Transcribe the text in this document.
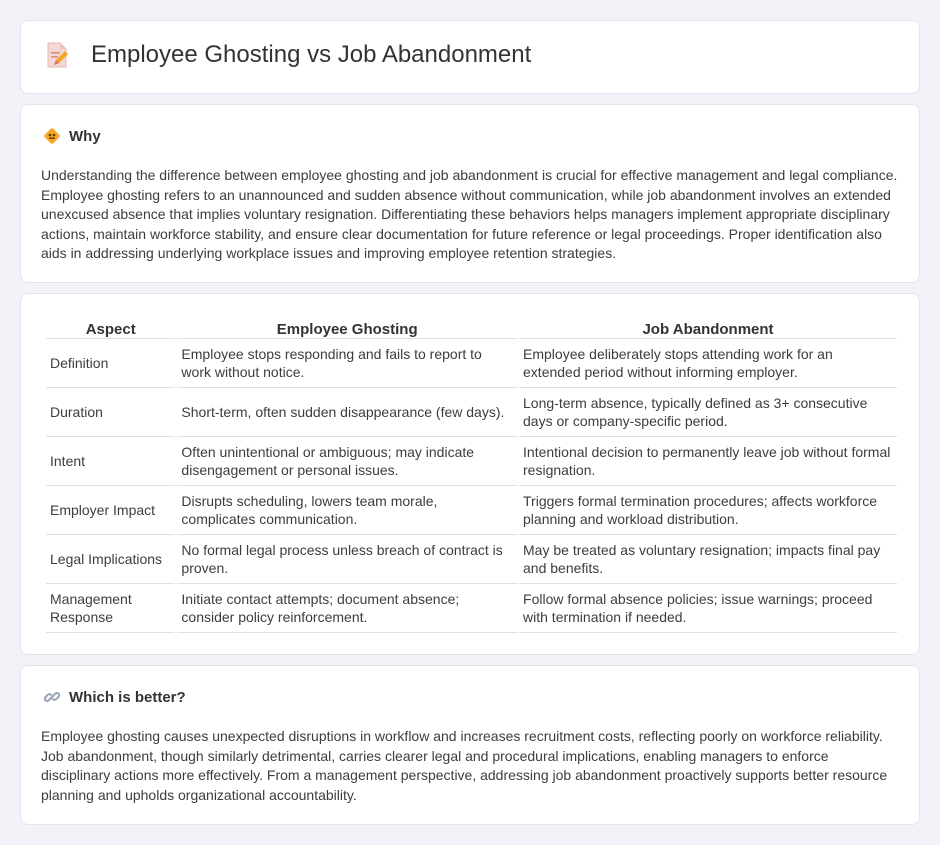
Employee Ghosting vs Job Abandonment
Why

Understanding the difference between employee ghosting and job abandonment is crucial for effective management and legal compliance. Employee ghosting refers to an unannounced and sudden absence without communication, while job abandonment involves an extended unexcused absence that implies voluntary resignation. Differentiating these behaviors helps managers implement appropriate disciplinary actions, maintain workforce stability, and ensure clear documentation for future reference or legal proceedings. Proper identification also aids in addressing underlying workplace issues and improving employee retention strategies.

Aspect	Employee Ghosting	Job Abandonment
Definition	Employee stops responding and fails to report to work without notice.	Employee deliberately stops attending work for an extended period without informing employer.
Duration	Short-term, often sudden disappearance (few days).	Long-term absence, typically defined as 3+ consecutive days or company-specific period.
Intent	Often unintentional or ambiguous; may indicate disengagement or personal issues.	Intentional decision to permanently leave job without formal resignation.
Employer Impact	Disrupts scheduling, lowers team morale, complicates communication.	Triggers formal termination procedures; affects workforce planning and workload distribution.
Legal Implications	No formal legal process unless breach of contract is proven.	May be treated as voluntary resignation; impacts final pay and benefits.
Management Response	Initiate contact attempts; document absence; consider policy reinforcement.	Follow formal absence policies; issue warnings; proceed with termination if needed.
Which is better?

Employee ghosting causes unexpected disruptions in workflow and increases recruitment costs, reflecting poorly on workforce reliability. Job abandonment, though similarly detrimental, carries clearer legal and procedural implications, enabling managers to enforce disciplinary actions more effectively. From a management perspective, addressing job abandonment proactively supports better resource planning and upholds organizational accountability.
